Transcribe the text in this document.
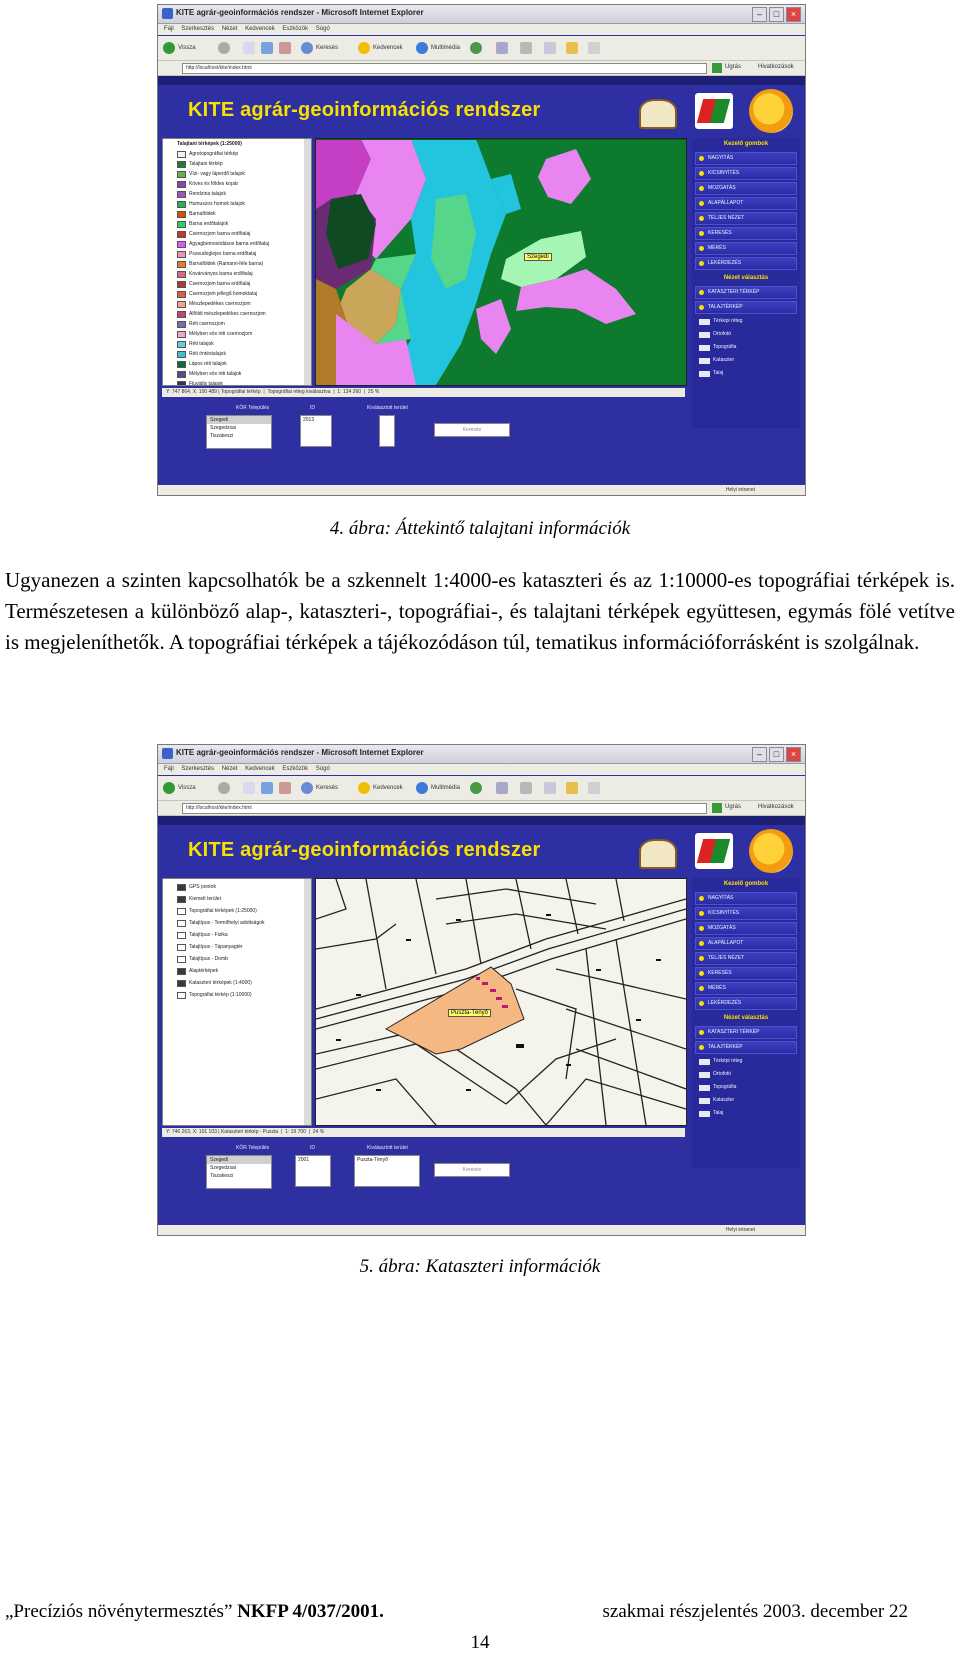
KITE agrár-geoinformációs rendszer - Microsoft Internet Explorer	–	□	×
Fájl Szerkesztés Nézet Kedvencek Eszközök Súgó
Vissza	Keresés	Kedvencek	Multimédia
http://localhost/kite/index.html	Ugrás	Hivatkozások
KITE agrár-geoinformációs rendszer
Talajtani térképek (1:25000)
Agrotopográfiai térkép
Talajtani térkép
Vízi- vagy láperdő talajok
Köves és földes kopár
Rendzina talajok
Humuszos homok talajok
Barnaföldek
Barna erdőtalajok
Csernozjom barna erdőtalaj
Agyagbemosódásos barna erdőtalaj
Pszeudoglejes barna erdőtalaj
Barnaföldek (Ramann-féle barna)
Kovárványos barna erdőtalaj
Csernozjom barna erdőtalaj
Csernozjom jellegű homoktalaj
Mészlepedékes csernozjom
Alföldi mészlepedékes csernozjom
Réti csernozjom
Mélyben sós réti csernozjom
Réti talajok
Réti öntéstalajok
Lápos réti talajok
Mélyben sós réti talajok
Fluviális talajok
Szegedi
Y: 747 864, X: 100 489 | Topográfiai térkép  |  Topográfiai réteg kiválasztva  |  1: 124 260  |  25 %
Kezelő gombok
NAGYÍTÁS
KICSINYÍTÉS
MOZGATÁS
ALAPÁLLAPOT
TELJES NÉZET
KERESÉS
MÉRÉS
LEKÉRDEZÉS
Nézet választás
KATASZTERI TÉRKÉP
TALAJTÉRKÉP
Térképi réteg
Ortofotó
Topográfia
Kataszter
Talaj
KÖR Település	ID	Kiválasztott terület
Szegedi
Szegedzsai
Tiszakeszi
2013
Keresés
Helyi intranet
4. ábra: Áttekintő talajtani információk
Ugyanezen a szinten kapcsolhatók be a szkennelt 1:4000-es kataszteri és az 1:10000-es topográfiai térképek is. Természetesen a különböző alap-, kataszteri-, topográfiai-, és talajtani térképek együttesen, egymás fölé vetítve is megjeleníthetők. A topográfiai térképek a tájékozódáson túl, tematikus információforrásként is szolgálnak.
KITE agrár-geoinformációs rendszer - Microsoft Internet Explorer	–	□	×
Fájl Szerkesztés Nézet Kedvencek Eszközök Súgó
Vissza	Keresés	Kedvencek	Multimédia
http://localhost/kite/index.html	Ugrás	Hivatkozások
KITE agrár-geoinformációs rendszer
GPS pontok
Kiemelt terület
Topográfiai térképek (1:25000)
Talajtípus - Termőhelyi adottságok
Talajtípus - Fizika
Talajtípus - Tápanyagtér
Talajtípus - Domb
Alaptérképek
Kataszteri térképek (1:4000)
Topográfiai térkép (1:10000)
Puszta-Tényő
Y: 746 263, X: 101 103 | Kataszteri térkép - Puszta  |  1: 19 700  |  24 %
Kezelő gombok
NAGYÍTÁS
KICSINYÍTÉS
MOZGATÁS
ALAPÁLLAPOT
TELJES NÉZET
KERESÉS
MÉRÉS
LEKÉRDEZÉS
Nézet választás
KATASZTERI TÉRKÉP
TALAJTÉRKÉP
Térképi réteg
Ortofotó
Topográfia
Kataszter
Talaj
KÖR Település	ID	Kiválasztott terület
Szegedi
Szegedzsai
Tiszakeszi
2001	Puszta-Tényő
Keresés
Helyi intranet
5. ábra: Kataszteri információk
„Precíziós növénytermesztés” NKFP 4/037/2001.	szakmai részjelentés 2003. december 22
14
